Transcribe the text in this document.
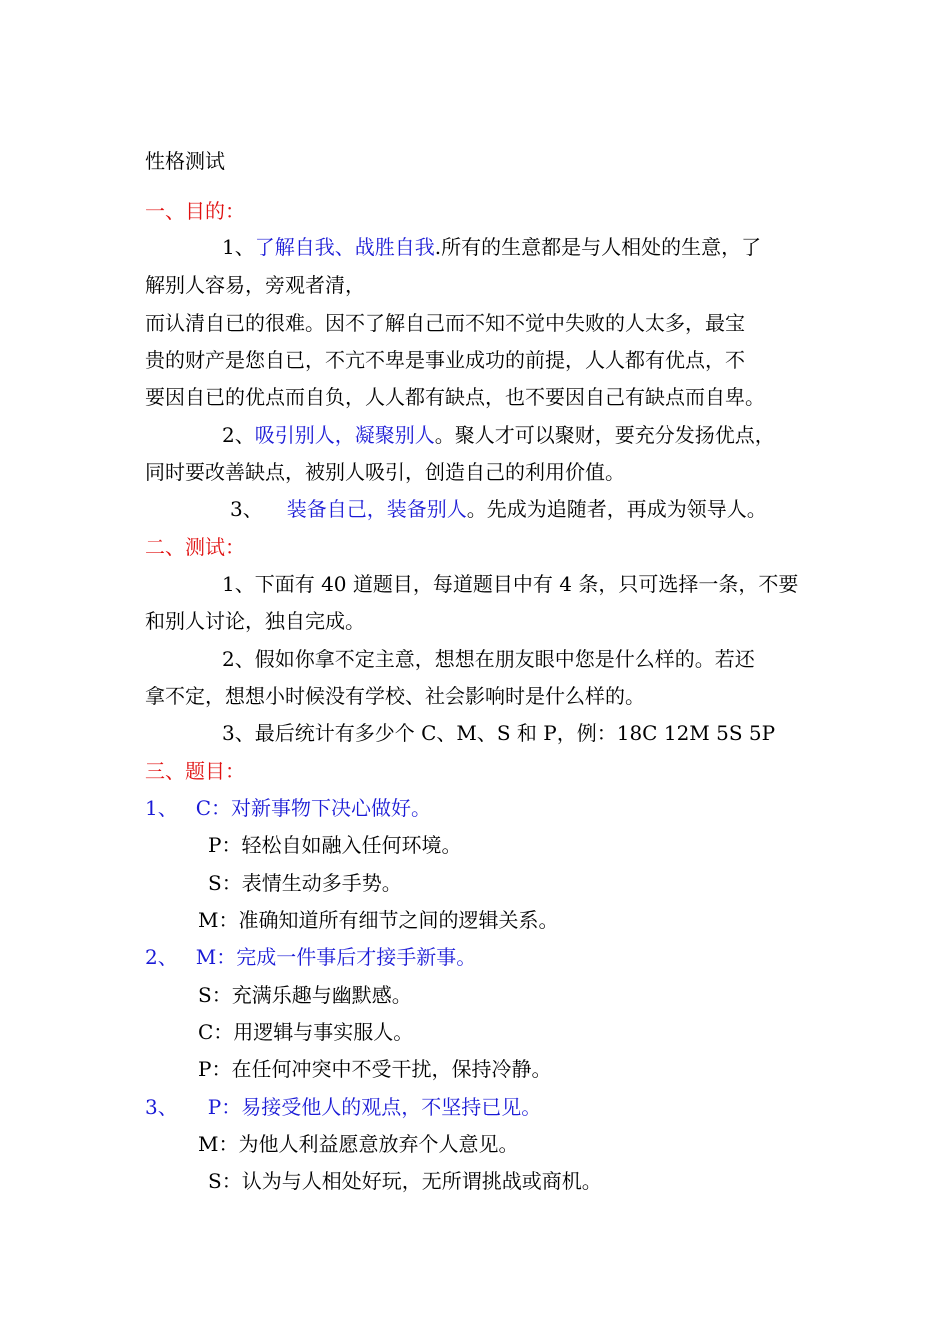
性格测试
一、目的：
1、了解自我、战胜自我.所有的生意都是与人相处的生意，了
解别人容易，旁观者清，
而认清自已的很难。因不了解自己而不知不觉中失败的人太多，最宝
贵的财产是您自已，不亢不卑是事业成功的前提，人人都有优点，不
要因自已的优点而自负，人人都有缺点，也不要因自己有缺点而自卑。
2、吸引别人，凝聚别人。聚人才可以聚财，要充分发扬优点，
同时要改善缺点，被别人吸引，创造自己的利用价值。
3、 装备自己，装备别人。先成为追随者，再成为领导人。
二、测试：
1、下面有 40 道题目，每道题目中有 4 条，只可选择一条，不要
和别人讨论，独自完成。
2、假如你拿不定主意，想想在朋友眼中您是什么样的。若还
拿不定，想想小时候没有学校、社会影响时是什么样的。
3、最后统计有多少个 C、M、S 和 P，例：18C 12M 5S 5P
三、题目：
1、 C：对新事物下决心做好。
P：轻松自如融入任何环境。
S：表情生动多手势。
M：准确知道所有细节之间的逻辑关系。
2、 M：完成一件事后才接手新事。
S：充满乐趣与幽默感。
C：用逻辑与事实服人。
P：在任何冲突中不受干扰，保持冷静。
3、 P：易接受他人的观点，不坚持已见。
M：为他人利益愿意放弃个人意见。
S：认为与人相处好玩，无所谓挑战或商机。
